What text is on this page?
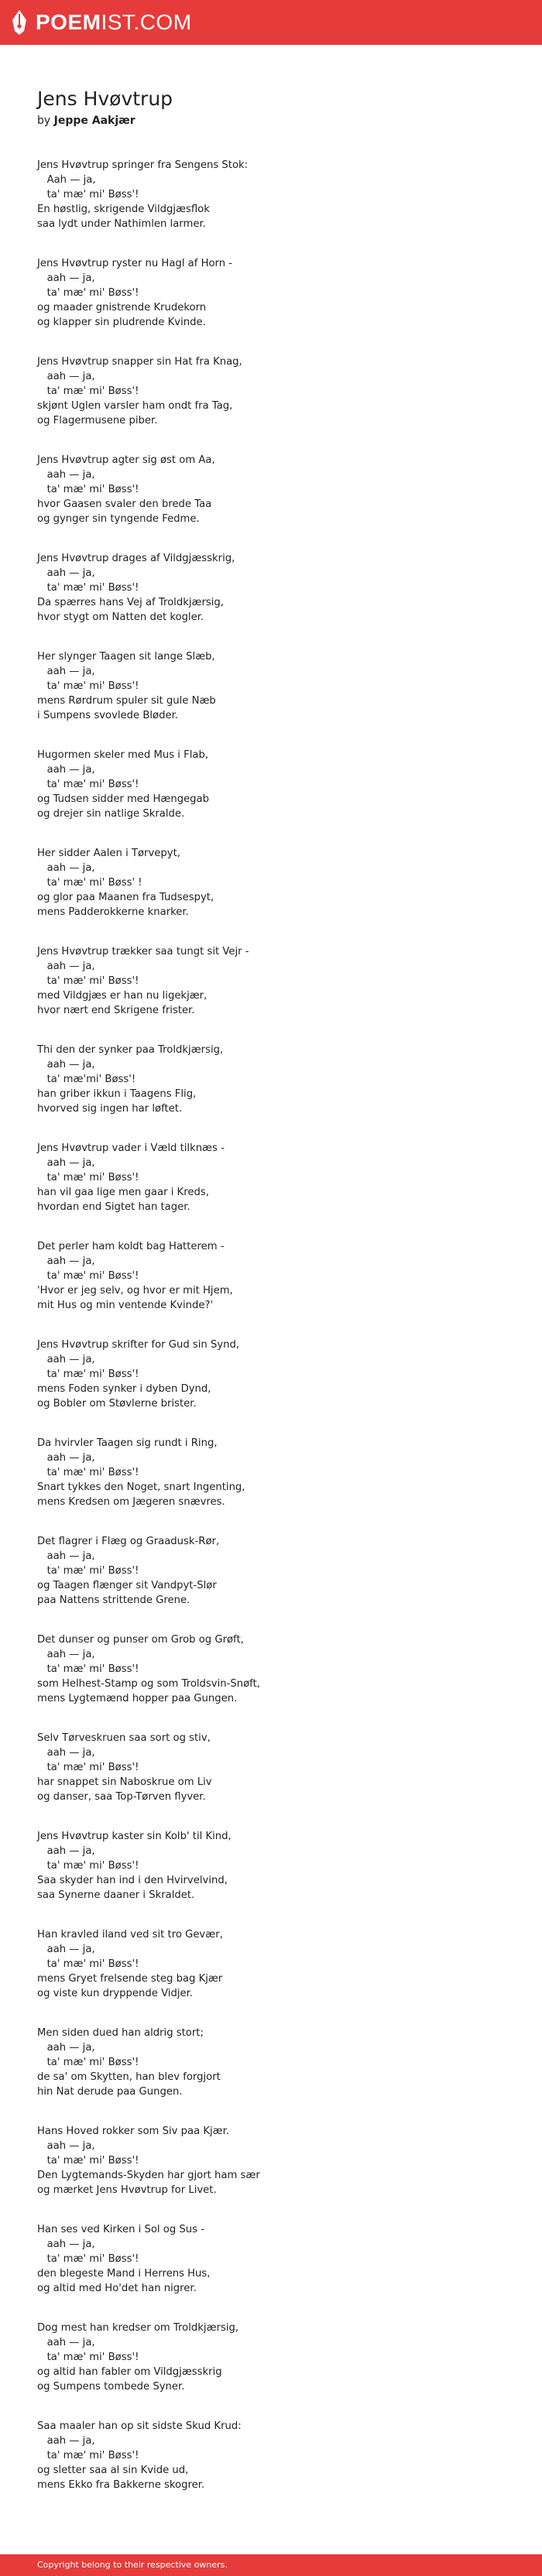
POEMIST.COM
Jens Hvøvtrup
by Jeppe Aakjær
Jens Hvøvtrup springer fra Sengens Stok:
Aah — ja,
ta' mæ' mi' Bøss'!
En høstlig, skrigende Vildgjæsflok
saa lydt under Nathimlen larmer.
Jens Hvøvtrup ryster nu Hagl af Horn -
aah — ja,
ta' mæ' mi' Bøss'!
og maader gnistrende Krudekorn
og klapper sin pludrende Kvinde.
Jens Hvøvtrup snapper sin Hat fra Knag,
aah — ja,
ta' mæ' mi' Bøss'!
skjønt Uglen varsler ham ondt fra Tag,
og Flagermusene piber.
Jens Hvøvtrup agter sig øst om Aa,
aah — ja,
ta' mæ' mi' Bøss'!
hvor Gaasen svaler den brede Taa
og gynger sin tyngende Fedme.
Jens Hvøvtrup drages af Vildgjæsskrig,
aah — ja,
ta' mæ' mi' Bøss'!
Da spærres hans Vej af Troldkjærsig,
hvor stygt om Natten det kogler.
Her slynger Taagen sit lange Slæb,
aah — ja,
ta' mæ' mi' Bøss'!
mens Rørdrum spuler sit gule Næb
i Sumpens svovlede Bløder.
Hugormen skeler med Mus i Flab,
aah — ja,
ta' mæ' mi' Bøss'!
og Tudsen sidder med Hængegab
og drejer sin natlige Skralde.
Her sidder Aalen i Tørvepyt,
aah — ja,
ta' mæ' mi' Bøss' !
og glor paa Maanen fra Tudsespyt,
mens Padderokkerne knarker.
Jens Hvøvtrup trækker saa tungt sit Vejr -
aah — ja,
ta' mæ' mi' Bøss'!
med Vildgjæs er han nu ligekjær,
hvor nært end Skrigene frister.
Thi den der synker paa Troldkjærsig,
aah — ja,
ta' mæ'mi' Bøss'!
han griber ikkun i Taagens Flig,
hvorved sig ingen har løftet.
Jens Hvøvtrup vader i Væld tilknæs -
aah — ja,
ta' mæ' mi' Bøss'!
han vil gaa lige men gaar i Kreds,
hvordan end Sigtet han tager.
Det perler ham koldt bag Hatterem -
aah — ja,
ta' mæ' mi' Bøss'!
'Hvor er jeg selv, og hvor er mit Hjem,
mit Hus og min ventende Kvinde?'
Jens Hvøvtrup skrifter for Gud sin Synd,
aah — ja,
ta' mæ' mi' Bøss'!
mens Foden synker i dyben Dynd,
og Bobler om Støvlerne brister.
Da hvirvler Taagen sig rundt i Ring,
aah — ja,
ta' mæ' mi' Bøss'!
Snart tykkes den Noget, snart Ingenting,
mens Kredsen om Jægeren snævres.
Det flagrer i Flæg og Graadusk-Rør,
aah — ja,
ta' mæ' mi' Bøss'!
og Taagen flænger sit Vandpyt-Slør
paa Nattens strittende Grene.
Det dunser og punser om Grob og Grøft,
aah — ja,
ta' mæ' mi' Bøss'!
som Helhest-Stamp og som Troldsvin-Snøft,
mens Lygtemænd hopper paa Gungen.
Selv Tørveskruen saa sort og stiv,
aah — ja,
ta' mæ' mi' Bøss'!
har snappet sin Naboskrue om Liv
og danser, saa Top-Tørven flyver.
Jens Hvøvtrup kaster sin Kolb' til Kind,
aah — ja,
ta' mæ' mi' Bøss'!
Saa skyder han ind i den Hvirvelvind,
saa Synerne daaner i Skraldet.
Han kravled iland ved sit tro Gevær,
aah — ja,
ta' mæ' mi' Bøss'!
mens Gryet frelsende steg bag Kjær
og viste kun dryppende Vidjer.
Men siden dued han aldrig stort;
aah — ja,
ta' mæ' mi' Bøss'!
de sa' om Skytten, han blev forgjort
hin Nat derude paa Gungen.
Hans Hoved rokker som Siv paa Kjær.
aah — ja,
ta' mæ' mi' Bøss'!
Den Lygtemands-Skyden har gjort ham sær
og mærket Jens Hvøvtrup for Livet.
Han ses ved Kirken i Sol og Sus -
aah — ja,
ta' mæ' mi' Bøss'!
den blegeste Mand i Herrens Hus,
og altid med Ho'det han nigrer.
Dog mest han kredser om Troldkjærsig,
aah — ja,
ta' mæ' mi' Bøss'!
og altid han fabler om Vildgjæsskrig
og Sumpens tombede Syner.
Saa maaler han op sit sidste Skud Krud:
aah — ja,
ta' mæ' mi' Bøss'!
og sletter saa al sin Kvide ud,
mens Ekko fra Bakkerne skogrer.
Copyright belong to their respective owners.
